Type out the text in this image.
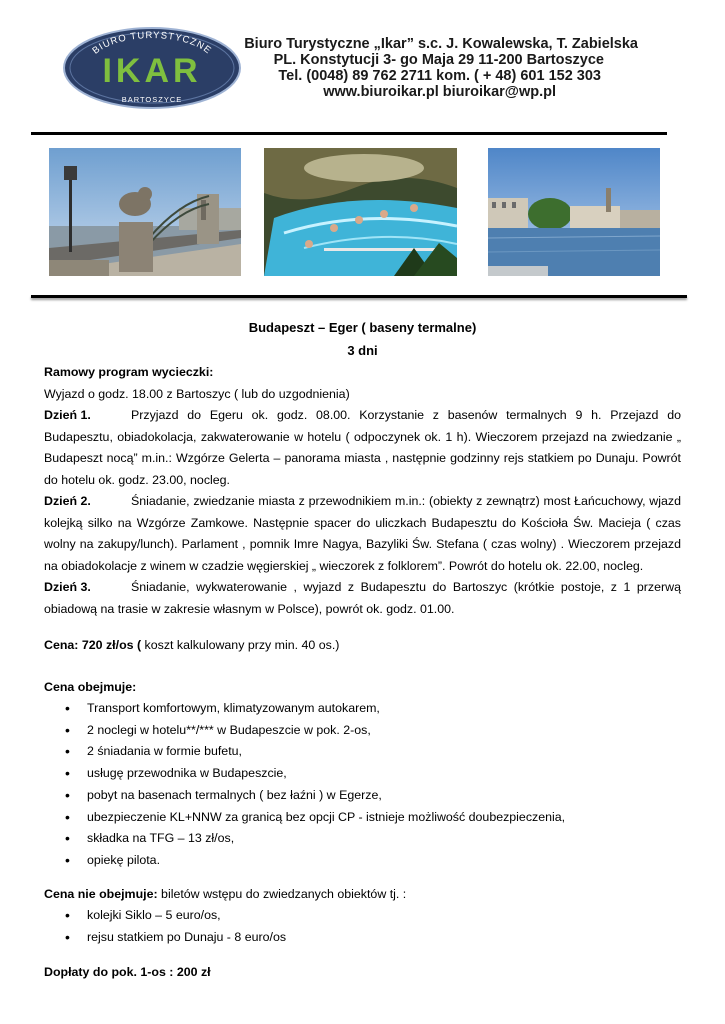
BIURO TURYSTYCZNE
IKAR
BARTOSZYCE
Biuro Turystyczne „Ikar” s.c. J. Kowalewska, T. Zabielska
PL. Konstytucji 3- go Maja 29 11-200 Bartoszyce
Tel. (0048) 89 762 2711 kom. ( + 48) 601 152 303
www.biuroikar.pl biuroikar@wp.pl
Budapeszt – Eger ( baseny termalne)
3 dni

Ramowy program wycieczki:

Wyjazd o godz. 18.00 z Bartoszyc ( lub do uzgodnienia)

Dzień 1.	Przyjazd do Egeru ok. godz. 08.00. Korzystanie z basenów termalnych 9 h. Przejazd do Budapesztu, obiadokolacja, zakwaterowanie w hotelu ( odpoczynek ok. 1 h). Wieczorem przejazd na zwiedzanie „ Budapeszt nocą” m.in.: Wzgórze Gelerta – panorama miasta , następnie godzinny rejs statkiem po Dunaju. Powrót do hotelu ok. godz. 23.00, nocleg.

Dzień 2.	Śniadanie, zwiedzanie miasta z przewodnikiem m.in.: (obiekty z zewnątrz) most Łańcuchowy, wjazd kolejką silko na Wzgórze Zamkowe. Następnie spacer do uliczkach Budapesztu do Kościoła Św. Macieja ( czas wolny na zakupy/lunch). Parlament , pomnik Imre Nagya, Bazyliki Św. Stefana ( czas wolny) . Wieczorem przejazd na obiadokolacje z winem w czadzie węgierskiej „ wieczorek z folklorem”. Powrót do hotelu ok. 22.00, nocleg.

Dzień 3.	Śniadanie, wykwaterowanie , wyjazd z Budapesztu do Bartoszyc (krótkie postoje, z 1 przerwą obiadową na trasie w zakresie własnym w Polsce), powrót ok. godz. 01.00.

Cena: 720 zł/os ( koszt kalkulowany przy min. 40 os.)

Cena obejmuje:
• Transport komfortowym, klimatyzowanym autokarem,
• 2 noclegi w hotelu**/*** w Budapeszcie w pok. 2-os,
• 2 śniadania w formie bufetu,
• usługę przewodnika w Budapeszcie,
• pobyt na basenach termalnych ( bez łaźni ) w Egerze,
• ubezpieczenie KL+NNW za granicą bez opcji CP - istnieje możliwość doubezpieczenia,
• składka na TFG – 13 zł/os,
• opiekę pilota.

Cena nie obejmuje: biletów wstępu do zwiedzanych obiektów tj. :

• kolejki Siklo – 5 euro/os,
• rejsu statkiem po Dunaju - 8 euro/os
Dopłaty do pok. 1-os : 200 zł
